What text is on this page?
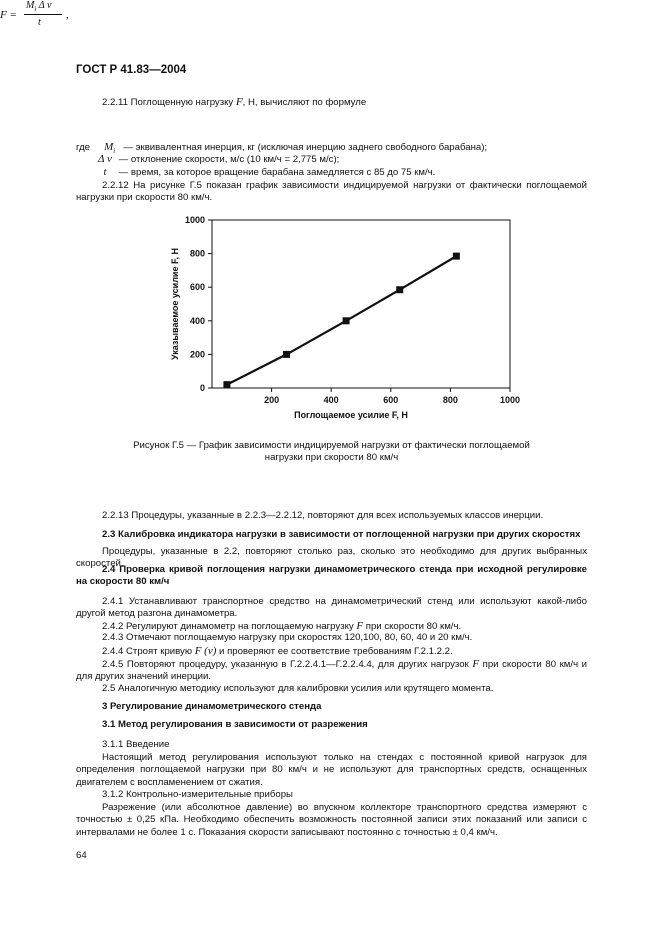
ГОСТ Р 41.83—2004

2.2.11 Поглощенную нагрузку F, Н, вычисляют по формуле

F =
$M_i$ Δ v
t
,
где $M_i$ — эквивалентная инерция, кг (исключая инерцию заднего свободного барабана);
Δ v — отклонение скорости, м/с (10 км/ч = 2,775 м/с);
t — время, за которое вращение барабана замедляется с 85 до 75 км/ч.

2.2.12 На рисунке Г.5 показан график зависимости индицируемой нагрузки от фактически поглощаемой нагрузки при скорости 80 км/ч.

200	400	600	800	1000
0
200
400
600
800
1000
Поглощаемое усилие F, Н
Указываемое усилие F, Н
Рисунок Г.5 — График зависимости индицируемой нагрузки от фактически поглощаемой
нагрузки при скорости 80 км/ч

2.2.13 Процедуры, указанные в 2.2.3—2.2.12, повторяют для всех используемых классов инерции.

2.3 Калибровка индикатора нагрузки в зависимости от поглощенной нагрузки при других скоростях

Процедуры, указанные в 2.2, повторяют столько раз, сколько это необходимо для других выбранных скоростей.

2.4 Проверка кривой поглощения нагрузки динамометрического стенда при исходной регулировке на скорости 80 км/ч

2.4.1 Устанавливают транспортное средство на динамометрический стенд или используют какой-либо другой метод разгона динамометра.

2.4.2 Регулируют динамометр на поглощаемую нагрузку F при скорости 80 км/ч.

2.4.3 Отмечают поглощаемую нагрузку при скоростях 120,100, 80, 60, 40 и 20 км/ч.

2.4.4 Строят кривую F (v) и проверяют ее соответствие требованиям Г.2.1.2.2.

2.4.5 Повторяют процедуру, указанную в Г.2.2.4.1—Г.2.2.4.4, для других нагрузок F при скорости 80 км/ч и для других значений инерции.

2.5 Аналогичную методику используют для калибровки усилия или крутящего момента.

3 Регулирование динамометрического стенда

3.1 Метод регулирования в зависимости от разрежения

3.1.1 Введение

Настоящий метод регулирования используют только на стендах с постоянной кривой нагрузок для определения поглощаемой нагрузки при 80 км/ч и не используют для транспортных средств, оснащенных двигателем с воспламенением от сжатия.

3.1.2 Контрольно-измерительные приборы

Разрежение (или абсолютное давление) во впускном коллекторе транспортного средства измеряют с точностью ± 0,25 кПа. Необходимо обеспечить возможность постоянной записи этих показаний или записи с интервалами не более 1 с. Показания скорости записывают постоянно с точностью ± 0,4 км/ч.

64
